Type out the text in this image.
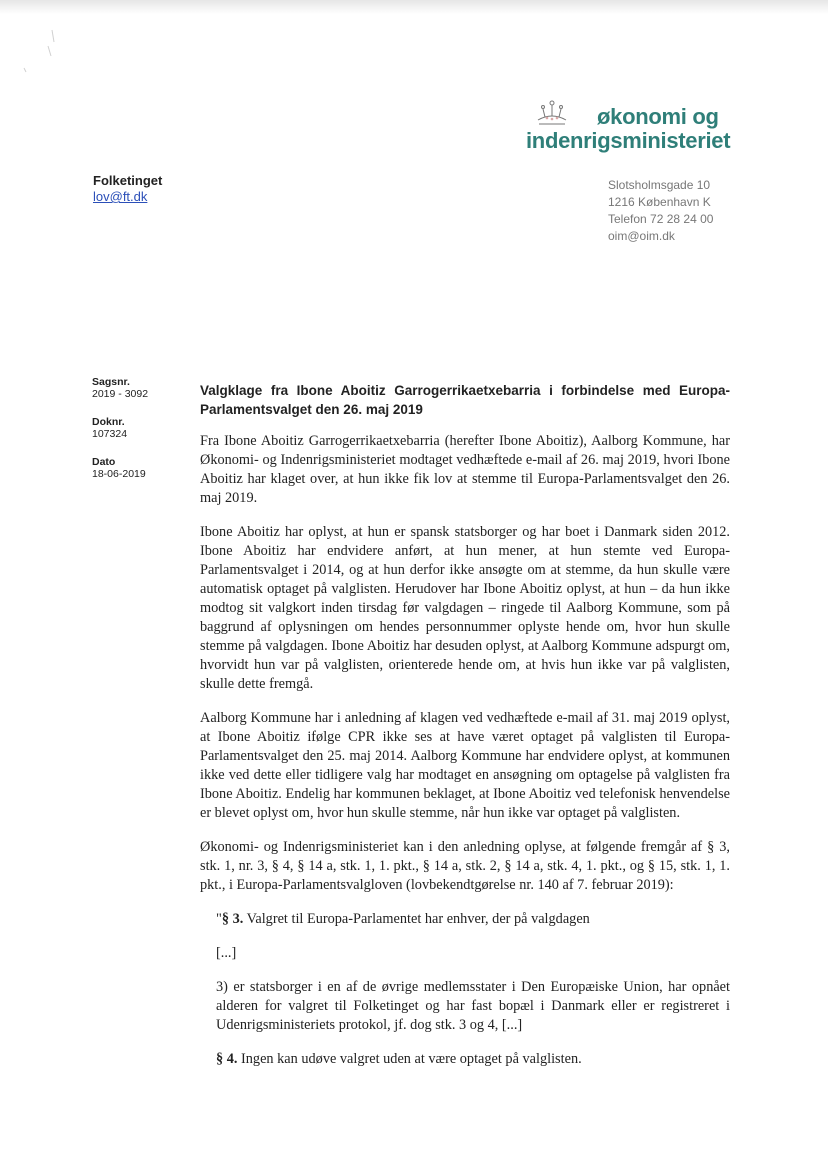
økonomi og
indenrigsministeriet
Folketinget
lov@ft.dk
Slotsholmsgade 10
1216 København K
Telefon 72 28 24 00
oim@oim.dk
Sagsnr.
2019 - 3092
Doknr.
107324
Dato
18-06-2019
Valgklage fra Ibone Aboitiz Garrogerrikaetxebarria i forbindelse med Europa-Parlamentsvalget den 26. maj 2019

Fra Ibone Aboitiz Garrogerrikaetxebarria (herefter Ibone Aboitiz), Aalborg Kommune, har Økonomi- og Indenrigsministeriet modtaget vedhæftede e-mail af 26. maj 2019, hvori Ibone Aboitiz har klaget over, at hun ikke fik lov at stemme til Europa-Parlamentsvalget den 26. maj 2019.

Ibone Aboitiz har oplyst, at hun er spansk statsborger og har boet i Danmark siden 2012. Ibone Aboitiz har endvidere anført, at hun mener, at hun stemte ved Europa-Parlamentsvalget i 2014, og at hun derfor ikke ansøgte om at stemme, da hun skulle være automatisk optaget på valglisten. Herudover har Ibone Aboitiz oplyst, at hun – da hun ikke modtog sit valgkort inden tirsdag før valgdagen – ringede til Aalborg Kommune, som på baggrund af oplysningen om hendes personnummer oplyste hende om, hvor hun skulle stemme på valgdagen. Ibone Aboitiz har desuden oplyst, at Aalborg Kommune adspurgt om, hvorvidt hun var på valglisten, orienterede hende om, at hvis hun ikke var på valglisten, skulle dette fremgå.

Aalborg Kommune har i anledning af klagen ved vedhæftede e-mail af 31. maj 2019 oplyst, at Ibone Aboitiz ifølge CPR ikke ses at have været optaget på valglisten til Europa-Parlamentsvalget den 25. maj 2014. Aalborg Kommune har endvidere oplyst, at kommunen ikke ved dette eller tidligere valg har modtaget en ansøgning om optagelse på valglisten fra Ibone Aboitiz. Endelig har kommunen beklaget, at Ibone Aboitiz ved telefonisk henvendelse er blevet oplyst om, hvor hun skulle stemme, når hun ikke var optaget på valglisten.

Økonomi- og Indenrigsministeriet kan i den anledning oplyse, at følgende fremgår af § 3, stk. 1, nr. 3, § 4, § 14 a, stk. 1, 1. pkt., § 14 a, stk. 2, § 14 a, stk. 4, 1. pkt., og § 15, stk. 1, 1. pkt., i Europa-Parlamentsvalgloven (lovbekendtgørelse nr. 140 af 7. februar 2019):

"§ 3. Valgret til Europa-Parlamentet har enhver, der på valgdagen

[...]

3) er statsborger i en af de øvrige medlemsstater i Den Europæiske Union, har opnået alderen for valgret til Folketinget og har fast bopæl i Danmark eller er registreret i Udenrigsministeriets protokol, jf. dog stk. 3 og 4, [...]

§ 4. Ingen kan udøve valgret uden at være optaget på valglisten.
